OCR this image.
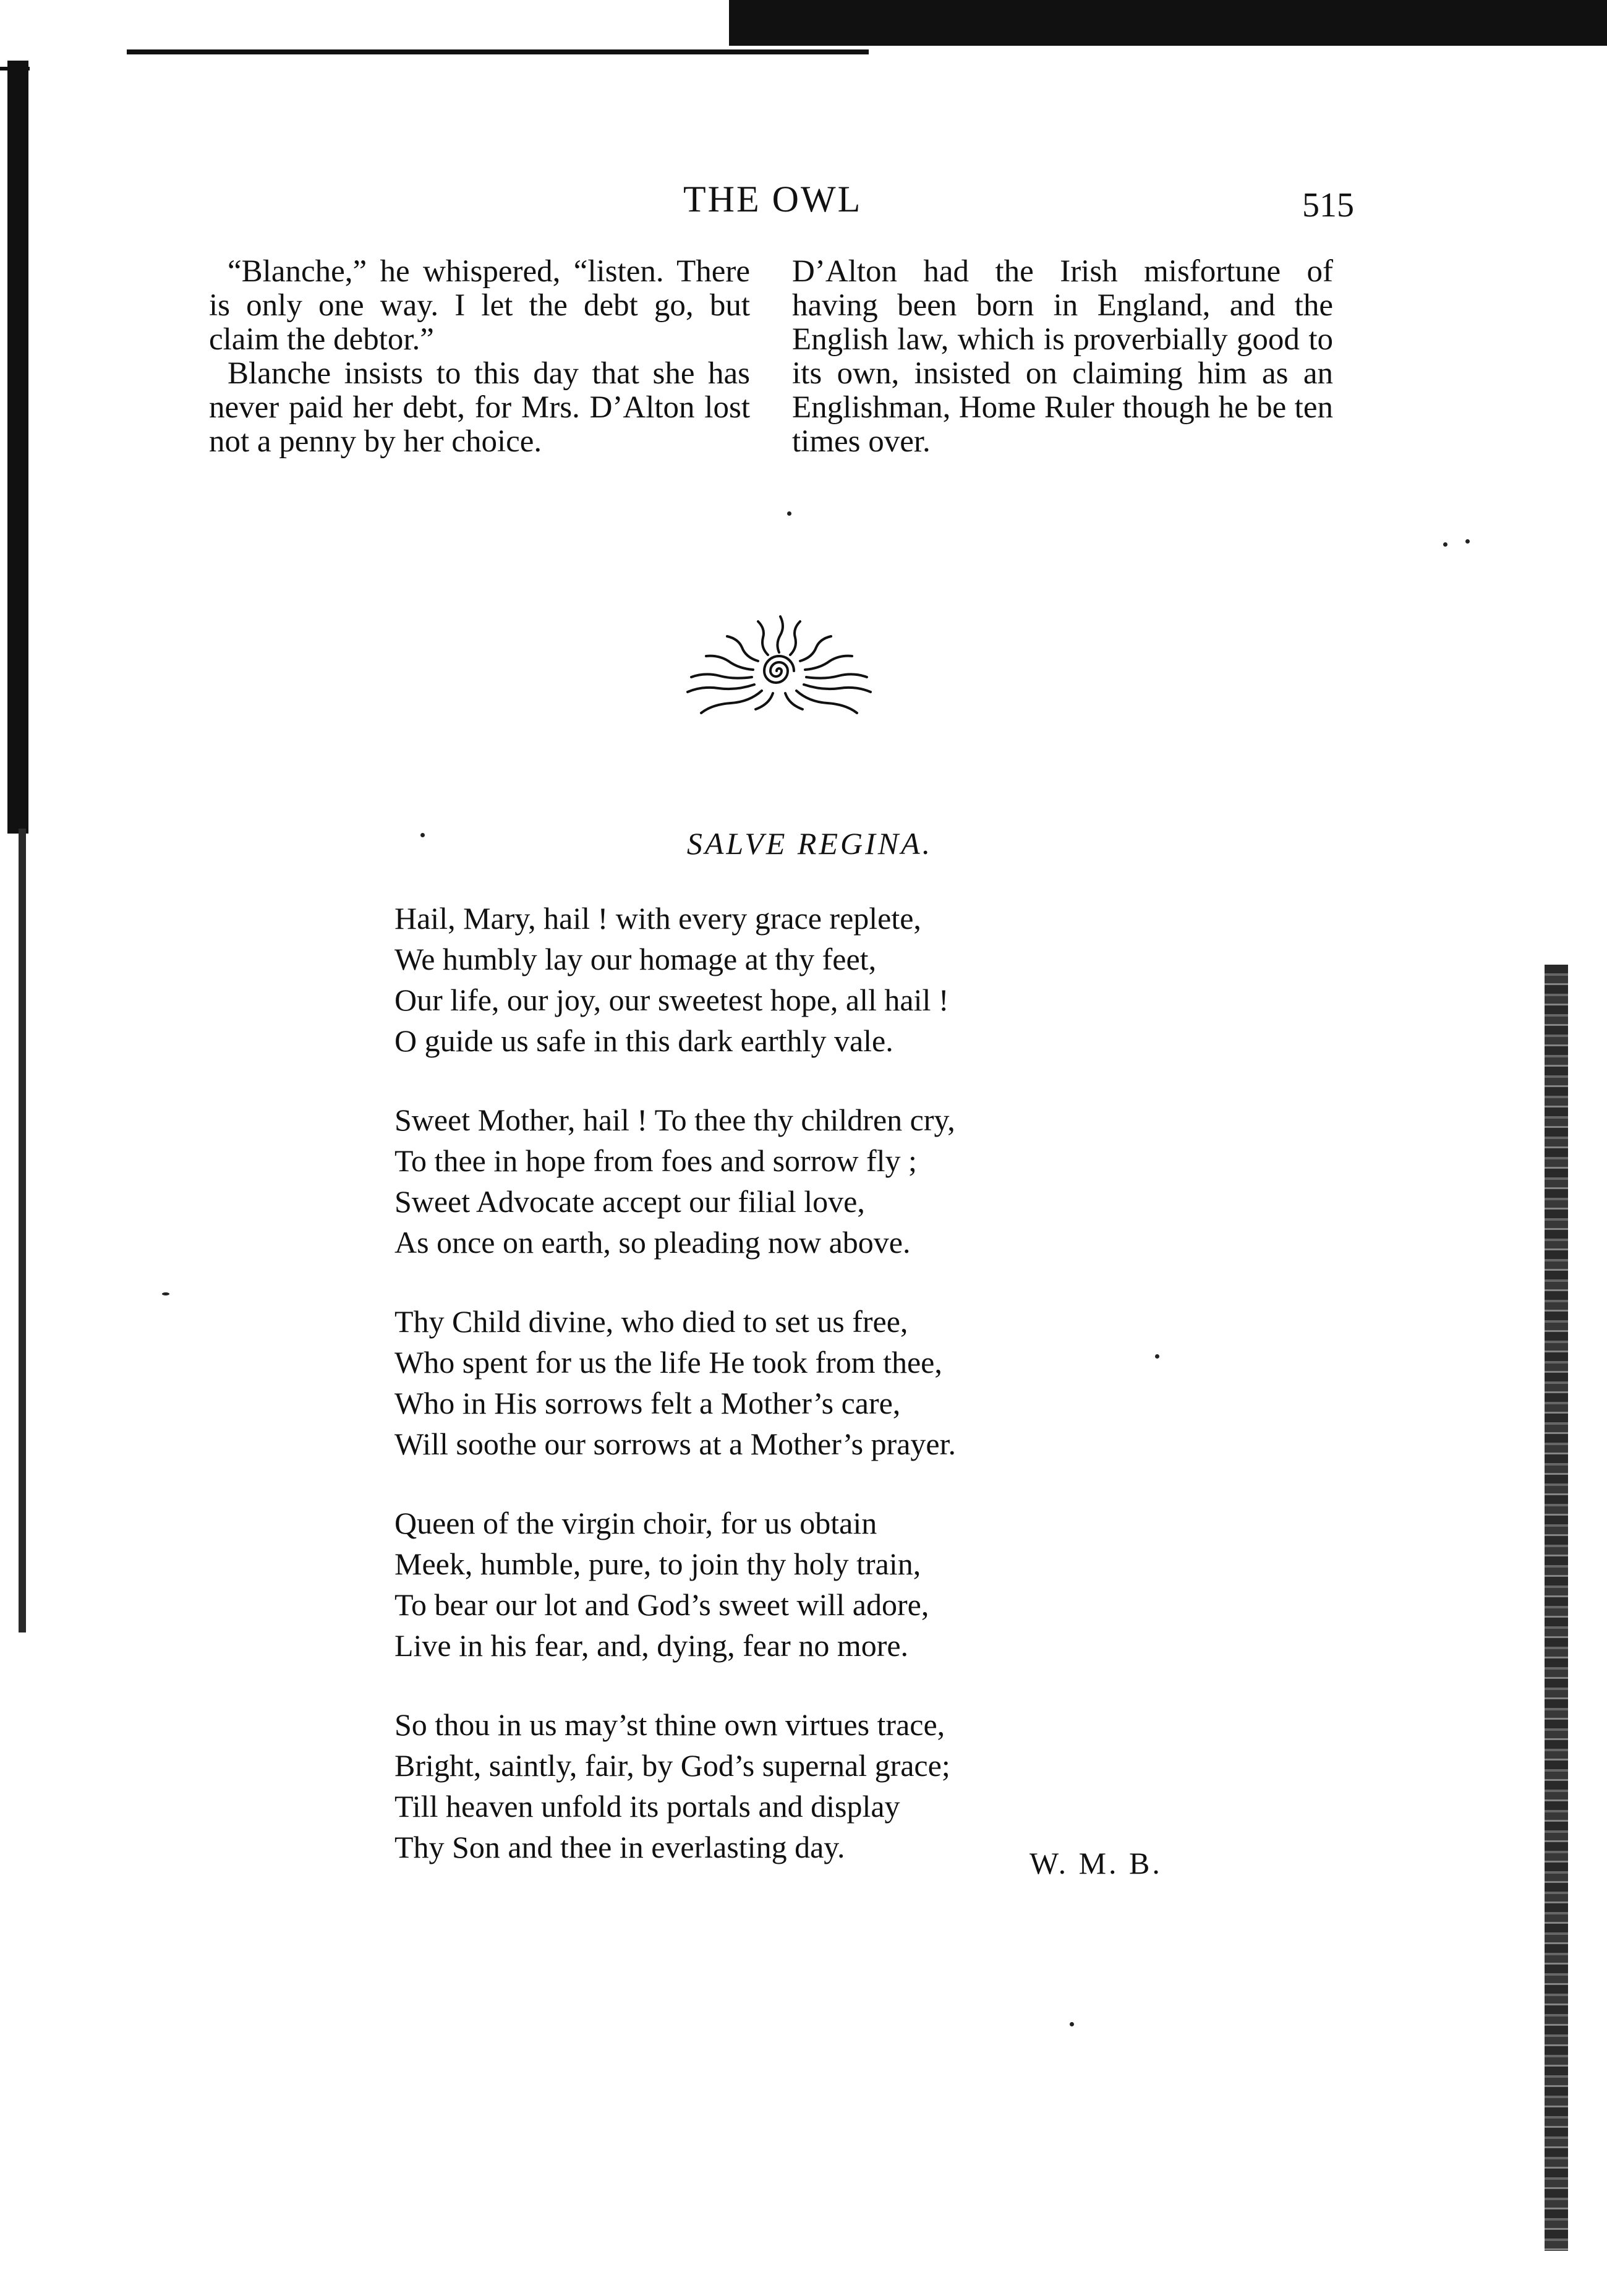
THE OWL	515

“Blanche,” he whispered, “listen. There is only one way. I let the debt go, but claim the debtor.”

Blanche insists to this day that she has never paid her debt, for Mrs. D’Alton lost not a penny by her choice.

D’Alton had the Irish misfortune of having been born in England, and the English law, which is proverbially good to its own, insisted on claiming him as an Englishman, Home Ruler though he be ten times over.

SALVE REGINA.
Hail, Mary, hail ! with every grace replete,
We humbly lay our homage at thy feet,
Our life, our joy, our sweetest hope, all hail !
O guide us safe in this dark earthly vale.
Sweet Mother, hail ! To thee thy children cry,
To thee in hope from foes and sorrow fly ;
Sweet Advocate accept our filial love,
As once on earth, so pleading now above.
Thy Child divine, who died to set us free,
Who spent for us the life He took from thee,
Who in His sorrows felt a Mother’s care,
Will soothe our sorrows at a Mother’s prayer.
Queen of the virgin choir, for us obtain
Meek, humble, pure, to join thy holy train,
To bear our lot and God’s sweet will adore,
Live in his fear, and, dying, fear no more.
So thou in us may’st thine own virtues trace,
Bright, saintly, fair, by God’s supernal grace;
Till heaven unfold its portals and display
Thy Son and thee in everlasting day.	W. M. B.
